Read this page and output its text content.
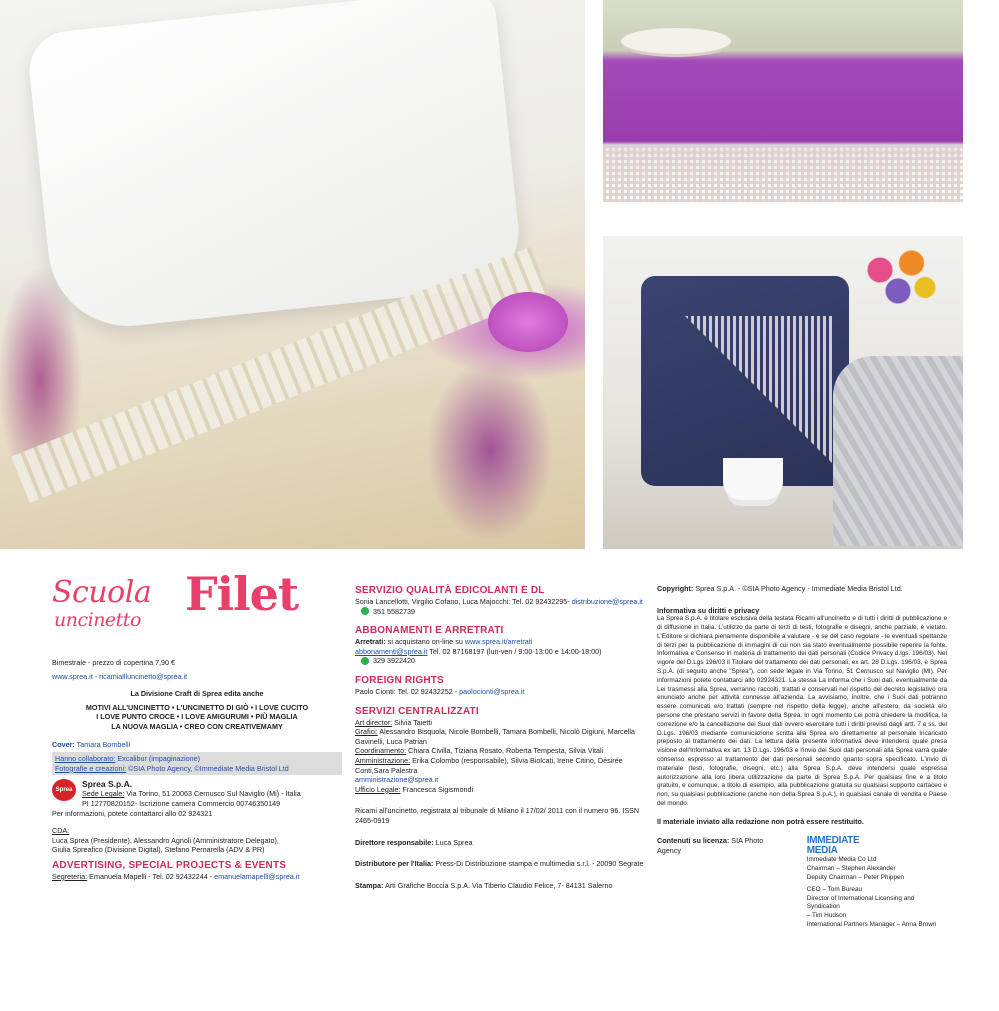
Scuola
uncinetto Filet
Bimestrale - prezzo di copertina 7,90 €
www.sprea.it - ricamiallluncinetto@sprea.it
La Divisione Craft di Sprea edita anche
MOTIVI ALL'UNCINETTO • L'UNCINETTO DI GIÒ • I LOVE CUCITO
I LOVE PUNTO CROCE • I LOVE AMIGURUMI • PIÙ MAGLIA
LA NUOVA MAGLIA • CREO CON CREATIVEMAMY
Cover: Tamara Bombelli
Hanno collaborato: Excalibur (impaginazione)
Fotografie e creazioni: ©SIA Photo Agency, ©Immediate Media Bristol Ltd
Sprea
Sprea S.p.A.
Sede Legale: Via Torino, 51 20063 Cernusco Sul Naviglio (Mi) - Italia
PI 12770820152- Iscrizione camera Commercio 00746350149
Per informazioni, potete contattarci allo 02 924321
CDA:
Luca Sprea (Presidente), Alessandro Agnoli (Amministratore Delegato),
Giulia Spreafico (Divisione Digital), Stefano Pernarella (ADV & PR)
ADVERTISING, SPECIAL PROJECTS & EVENTS
Segreteria: Emanuela Mapelli - Tel. 02 92432244 - emanuelamapelli@sprea.it
SERVIZIO QUALITÀ EDICOLANTI E DL
Sonia Lancellotti, Virgilio Cofano, Luca Majocchi: Tel. 02 92432295- distribuzione@sprea.it
351 5582739
ABBONAMENTI E ARRETRATI
Arretrati: si acquistano on-line su www.sprea.it/arretrati
abbonamenti@sprea.it Tel. 02 87168197 (lun-ven / 9:00-13:00 e 14:00-18:00)
329 3922420
FOREIGN RIGHTS
Paolo Cionti: Tel. 02 92432252 - paolocionti@sprea.it
SERVIZI CENTRALIZZATI
Art director: Silvia Taietti
Grafici: Alessandro Bisquola, Nicole Bombelli, Tamara Bombelli, Nicolò Digiuni, Marcella Gavinelli, Luca Patrian
Coordinamento: Chiara Civilla, Tiziana Rosato, Roberta Tempesta, Silvia Vitali
Amministrazione: Erika Colombo (responsabile), Silvia Biolcati, Irene Citino, Désirée Conti,Sara Palestra
amministrazione@sprea.it
Ufficio Legale: Francesca Sigismondi
Ricami all'uncinetto, registrata al tribunale di Milano il 17/02/ 2011 con il numero 96. ISSN 2465-0919
Direttore responsabile: Luca Sprea
Distributore per l'Italia: Press-Di Distribuzione stampa e multimedia s.r.l. - 20090 Segrate
Stampa: Arti Grafiche Boccia S.p.A. Via Tiberio Claudio Felice, 7- 84131 Salerno
Copyright: Sprea S.p.A. - ©SIA Photo Agency - Immediate Media Bristol Ltd.
Informativa su diritti e privacy
La Sprea S.p.A. è titolare esclusiva della testata Ricami all'uncinetto e di tutti i diritti di pubblicazione e di diffusione in Italia. L'utilizzo da parte di terzi di testi, fotografie e disegni, anche parziale, è vietato. L'Editore si dichiara pienamente disponibile a valutare - e se del caso regolare - le eventuali spettanze di terzi per la pubblicazione di immagini di cui non sia stato eventualmente possibile reperire la fonte. Informativa e Consenso in materia di trattamento dei dati personali (Codice Privacy d.lgs. 196/03). Nel vigore del D.Lgs 196/03 il Titolare del trattamento dei dati personali, ex art. 28 D.Lgs. 196/03, è Sprea S.p.A. (di seguito anche "Sprea"), con sede legale in Via Torino, 51 Cernusco sul Naviglio (MI). Per informazioni potete contattarci allo 02924321. La stessa La informa che i Suoi dati, eventualmente da Lei trasmessi alla Sprea, verranno raccolti, trattati e conservati nel rispetto del decreto legislativo ora enunciato anche per attività connesse all'azienda. La avvisiamo, inoltre, che i Suoi dati potranno essere comunicati e/o trattati (sempre nel rispetto della legge), anche all'estero, da società e/o persone che prestano servizi in favore della Sprea. In ogni momento Lei potrà chiedere la modifica, la correzione e/o la cancellazione dei Suoi dati ovvero esercitare tutti i diritti previsti dagli artt. 7 e ss. del D.Lgs. 196/03 mediante comunicazione scritta alla Sprea e/o direttamente al personale Incaricato preposto al trattamento dei dati. La lettura della presente informativa deve intendersi quale presa visione dell'Informativa ex art. 13 D.Lgs. 196/03 e l'invio dei Suoi dati personali alla Sprea varrà quale consenso espresso al trattamento dei dati personali secondo quanto sopra specificato. L'invio di materiale (testi, fotografie, disegni, etc.) alla Sprea S.p.A. deve intendersi quale espressa autorizzazione alla loro libera utilizzazione da parte di Sprea S.p.A. Per qualsiasi fine e a titolo gratuito, e comunque, a titolo di esempio, alla pubblicazione gratuita su qualsiasi supporto cartaceo e non, su qualsiasi pubblicazione (anche non della Sprea S.p.A.), in qualsiasi canale di vendita e Paese del mondo.
Il materiale inviato alla redazione non potrà essere restituito.
Contenuti su licenza: SIA Photo Agency
IMMEDIATE
MEDIA
Immediate Media Co Ltd
Chairman – Stephen Alexander
Deputy Chairman – Peter Phippen
CEO – Tom Bureau
Director of International Licensing and Syndication
– Tim Hudson
International Partners Manager – Anna Brown
